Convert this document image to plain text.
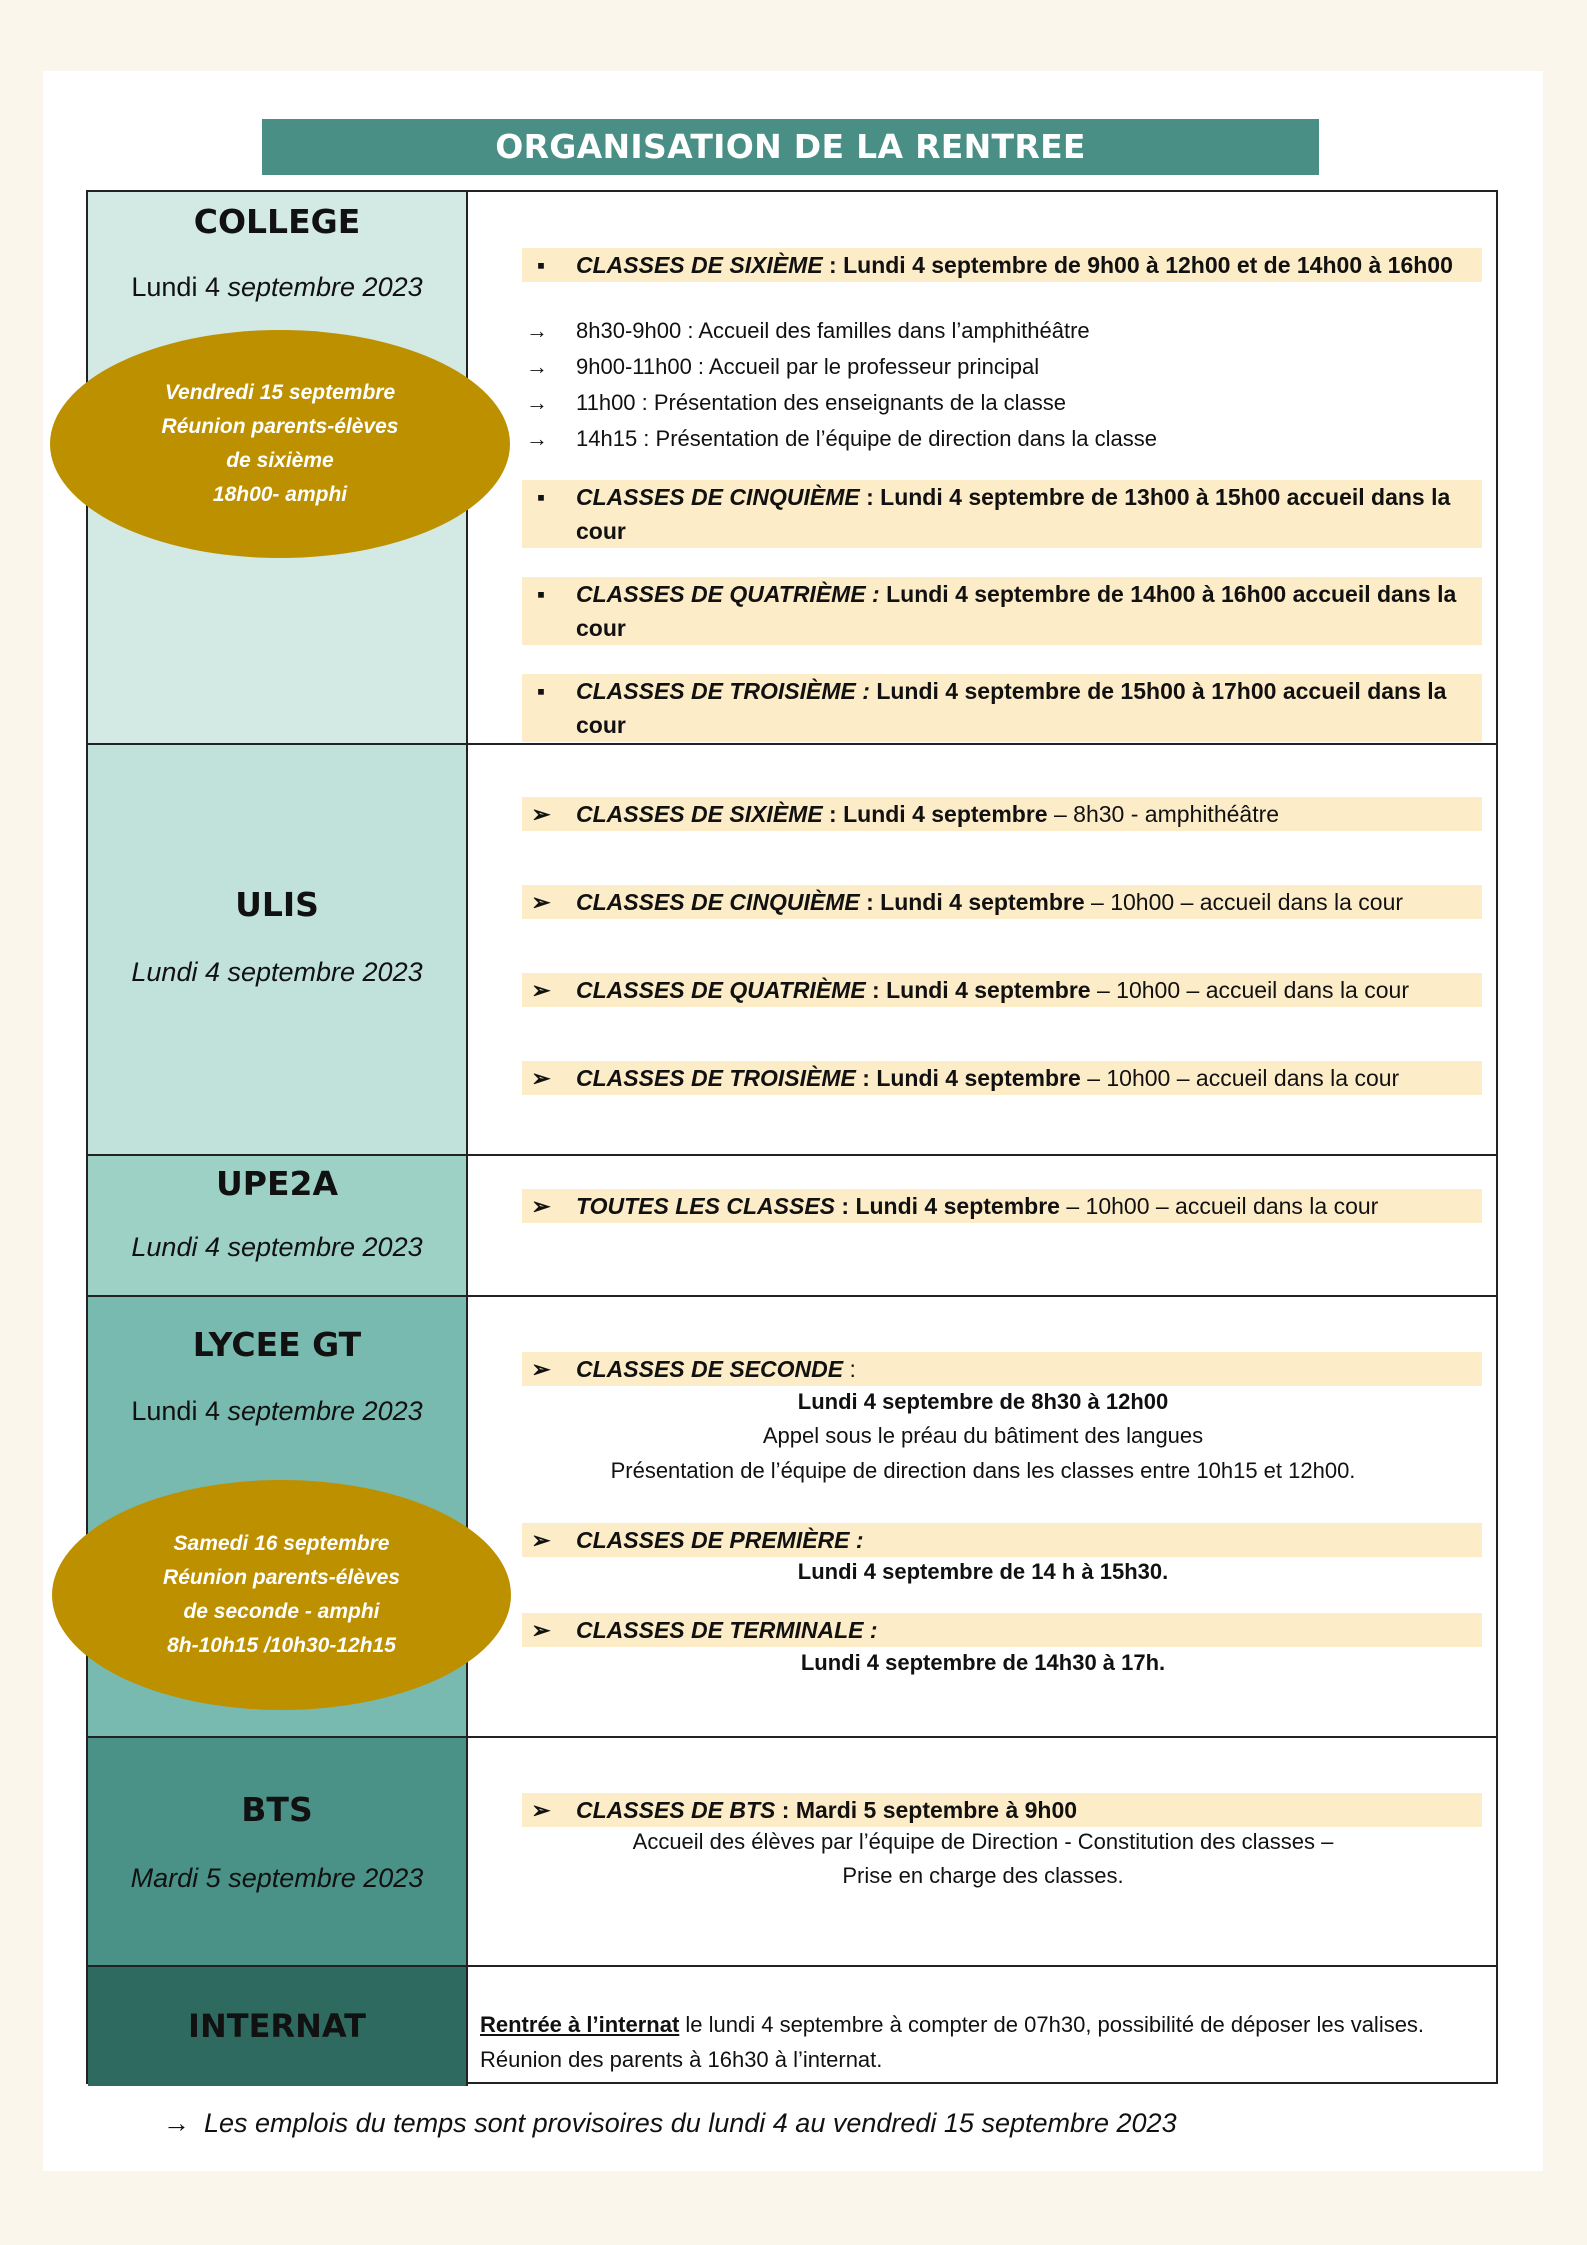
ORGANISATION DE LA RENTREE
COLLEGE
Lundi 4 septembre 2023
▪	CLASSES DE SIXIÈME : Lundi 4 septembre de 9h00 à 12h00 et de 14h00 à 16h00
→ 8h30-9h00 : Accueil des familles dans l’amphithéâtre
→ 9h00-11h00 : Accueil par le professeur principal
→ 11h00 : Présentation des enseignants de la classe
→ 14h15 : Présentation de l’équipe de direction dans la classe
▪	CLASSES DE CINQUIÈME : Lundi 4 septembre de 13h00 à 15h00 accueil dans la
cour
▪	CLASSES DE QUATRIÈME : Lundi 4 septembre de 14h00 à 16h00 accueil dans la
cour
▪	CLASSES DE TROISIÈME : Lundi 4 septembre de 15h00 à 17h00 accueil dans la cour
ULIS
Lundi 4 septembre 2023
➢ CLASSES DE SIXIÈME : Lundi 4 septembre – 8h30 - amphithéâtre
➢ CLASSES DE CINQUIÈME : Lundi 4 septembre – 10h00 – accueil dans la cour
➢ CLASSES DE QUATRIÈME : Lundi 4 septembre – 10h00 – accueil dans la cour
➢ CLASSES DE TROISIÈME : Lundi 4 septembre – 10h00 – accueil dans la cour
UPE2A
Lundi 4 septembre 2023
➢ TOUTES LES CLASSES : Lundi 4 septembre – 10h00 – accueil dans la cour
LYCEE GT
Lundi 4 septembre 2023
➢ CLASSES DE SECONDE :
Lundi 4 septembre de 8h30 à 12h00
Appel sous le préau du bâtiment des langues
Présentation de l’équipe de direction dans les classes entre 10h15 et 12h00.
➢ CLASSES DE PREMIÈRE :
Lundi 4 septembre de 14 h à 15h30.
➢ CLASSES DE TERMINALE :
Lundi 4 septembre de 14h30 à 17h.
BTS
Mardi 5 septembre 2023
➢ CLASSES DE BTS : Mardi 5 septembre à 9h00
Accueil des élèves par l’équipe de Direction - Constitution des classes –
Prise en charge des classes.
INTERNAT	Rentrée à l’internat le lundi 4 septembre à compter de 07h30, possibilité de déposer les valises. Réunion des parents à 16h30 à l’internat.
Vendredi 15 septembre
Réunion parents-élèves
de sixième
18h00- amphi
Samedi 16 septembre
Réunion parents-élèves
de seconde - amphi
8h-10h15 /10h30-12h15
→ Les emplois du temps sont provisoires du lundi 4 au vendredi 15 septembre 2023
